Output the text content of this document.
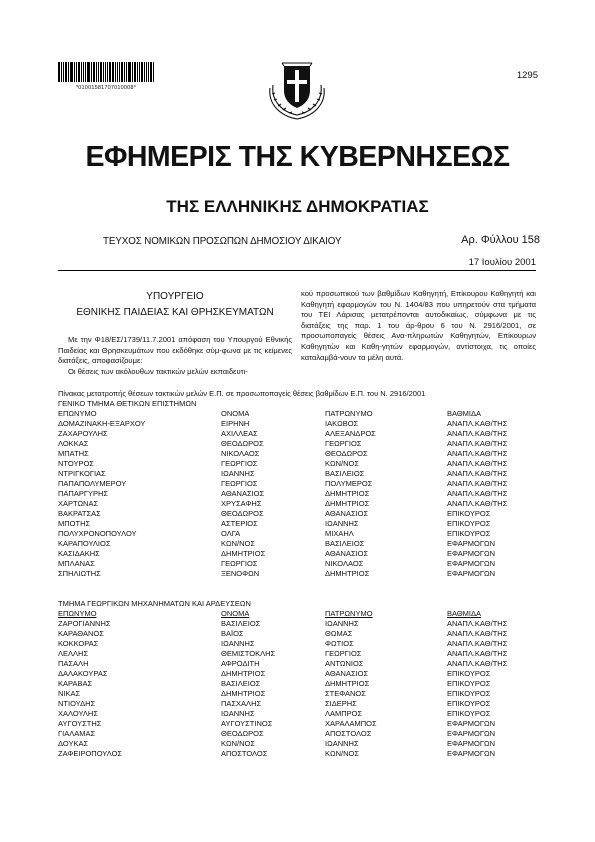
*01001581707010008*
1295
ΕΦΗΜΕΡΙΣ ΤΗΣ ΚΥΒΕΡΝΗΣΕΩΣ
ΤΗΣ ΕΛΛΗΝΙΚΗΣ ΔΗΜΟΚΡΑΤΙΑΣ
ΤΕΥΧΟΣ ΝΟΜΙΚΩΝ ΠΡΟΣΩΠΩΝ ΔΗΜΟΣΙΟΥ ΔΙΚΑΙΟΥ	Αρ. Φύλλου 158
17 Ιουλίου 2001
ΥΠΟΥΡΓΕΙΟ
ΕΘΝΙΚΗΣ ΠΑΙΔΕΙΑΣ ΚΑΙ ΘΡΗΣΚΕΥΜΑΤΩΝ

Με την Φ18/ΕΣ/1739/11.7.2001 απόφαση του Υπουργού Εθνικής Παιδείας και Θρησκευμάτων που εκδόθηκε σύμ-φωνα με τις κείμενες διατάξεις, αποφασίζουμε:

Οι θέσεις των ακόλουθων τακτικών μελών εκπαιδευτι-

κού προσωπικού των βαθμίδων Καθηγητή, Επίκουρου Καθηγητή και Καθηγητή εφαρμογών του Ν. 1404/83 που υπηρετούν στα τμήματα του ΤΕΙ Λάρισας μετατρέπονται αυτοδικαίως, σύμφωνα με τις διατάξεις της παρ. 1 του άρ-θρου 6 του Ν. 2916/2001, σε προσωποπαγείς θέσεις Ανα-πληρωτών Καθηγητών, Επίκουρων Καθηγητών και Καθη-γητών εφαρμογών, αντίστοιχα, τις οποίες καταλαμβά-νουν τα μέλη αυτά.

Πίνακας μετατροπής θέσεων τακτικών μελών Ε.Π. σε προσωποπαγείς θέσεις βαθμίδων Ε.Π. του Ν. 2916/2001
ΓΕΝΙΚΟ ΤΜΗΜΑ ΘΕΤΙΚΩΝ ΕΠΙΣΤΗΜΩΝ
ΕΠΩΝΥΜΟ	ΟΝΟΜΑ	ΠΑΤΡΩΝΥΜΟ	ΒΑΘΜΙΔΑ
ΔΟΜΑΖΙΝΑΚΗ-ΕΞΑΡΧΟΥ	ΕΙΡΗΝΗ	ΙΑΚΩΒΟΣ	ΑΝΑΠΛ.ΚΑΘ/ΤΗΣ
ΖΑΧΑΡΟΥΛΗΣ	ΑΧΙΛΛΕΑΣ	ΑΛΕΞΑΝΔΡΟΣ	ΑΝΑΠΛ.ΚΑΘ/ΤΗΣ
ΛΟΚΚΑΣ	ΘΕΟΔΩΡΟΣ	ΓΕΩΡΓΙΟΣ	ΑΝΑΠΛ.ΚΑΘ/ΤΗΣ
ΜΠΑΤΗΣ	ΝΙΚΟΛΑΟΣ	ΘΕΟΔΩΡΟΣ	ΑΝΑΠΛ.ΚΑΘ/ΤΗΣ
ΝΤΟΥΡΟΣ	ΓΕΩΡΓΙΟΣ	ΚΩΝ/ΝΟΣ	ΑΝΑΠΛ.ΚΑΘ/ΤΗΣ
ΝΤΡΙΓΚΟΓΙΑΣ	ΙΩΑΝΝΗΣ	ΒΑΣΙΛΕΙΟΣ	ΑΝΑΠΛ.ΚΑΘ/ΤΗΣ
ΠΑΠΑΠΟΛΥΜΕΡΟΥ	ΓΕΩΡΓΙΟΣ	ΠΟΛΥΜΕΡΟΣ	ΑΝΑΠΛ.ΚΑΘ/ΤΗΣ
ΠΑΠΑΡΓΥΡΗΣ	ΑΘΑΝΑΣΙΟΣ	ΔΗΜΗΤΡΙΟΣ	ΑΝΑΠΛ.ΚΑΘ/ΤΗΣ
ΧΑΡΤΩΝΑΣ	ΧΡΥΣΑΦΗΣ	ΔΗΜΗΤΡΙΟΣ	ΑΝΑΠΛ.ΚΑΘ/ΤΗΣ
ΒΑΚΡΑΤΣΑΣ	ΘΕΟΔΩΡΟΣ	ΑΘΑΝΑΣΙΟΣ	ΕΠΙΚΟΥΡΟΣ
ΜΠΟΤΗΣ	ΑΣΤΕΡΙΟΣ	ΙΩΑΝΝΗΣ	ΕΠΙΚΟΥΡΟΣ
ΠΟΛΥΧΡΟΝΟΠΟΥΛΟΥ	ΟΛΓΑ	ΜΙΧΑΗΛ	ΕΠΙΚΟΥΡΟΣ
ΚΑΡΑΠΟΥΛΙΟΣ	ΚΩΝ/ΝΟΣ	ΒΑΣΙΛΕΙΟΣ	ΕΦΑΡΜΟΓΩΝ
ΚΑΣΙΔΑΚΗΣ	ΔΗΜΗΤΡΙΟΣ	ΑΘΑΝΑΣΙΟΣ	ΕΦΑΡΜΟΓΩΝ
ΜΠΛΑΝΑΣ	ΓΕΩΡΓΙΟΣ	ΝΙΚΟΛΑΟΣ	ΕΦΑΡΜΟΓΩΝ
ΣΠΗΛΙΩΤΗΣ	ΞΕΝΟΦΩΝ	ΔΗΜΗΤΡΙΟΣ	ΕΦΑΡΜΟΓΩΝ
ΤΜΗΜΑ ΓΕΩΡΓΙΚΩΝ ΜΗΧΑΝΗΜΑΤΩΝ ΚΑΙ ΑΡΔΕΥΣΕΩΝ
ΕΠΩΝΥΜΟ	ΟΝΟΜΑ	ΠΑΤΡΩΝΥΜΟ	ΒΑΘΜΙΔΑ
ΖΑΡΟΓΙΑΝΝΗΣ	ΒΑΣΙΛΕΙΟΣ	ΙΩΑΝΝΗΣ	ΑΝΑΠΛ.ΚΑΘ/ΤΗΣ
ΚΑΡΑΘΑΝΟΣ	ΒΑΪΟΣ	ΘΩΜΑΣ	ΑΝΑΠΛ.ΚΑΘ/ΤΗΣ
ΚΟΚΚΟΡΑΣ	ΙΩΑΝΝΗΣ	ΦΩΤΙΟΣ	ΑΝΑΠΛ.ΚΑΘ/ΤΗΣ
ΛΕΛΛΗΣ	ΘΕΜΙΣΤΟΚΛΗΣ	ΓΕΩΡΓΙΟΣ	ΑΝΑΠΛ.ΚΑΘ/ΤΗΣ
ΠΑΣΑΛΗ	ΑΦΡΟΔΙΤΗ	ΑΝΤΩΝΙΟΣ	ΑΝΑΠΛ.ΚΑΘ/ΤΗΣ
ΔΑΛΑΚΟΥΡΑΣ	ΔΗΜΗΤΡΙΟΣ	ΑΘΑΝΑΣΙΟΣ	ΕΠΙΚΟΥΡΟΣ
ΚΑΡΑΒΑΣ	ΒΑΣΙΛΕΙΟΣ	ΔΗΜΗΤΡΙΟΣ	ΕΠΙΚΟΥΡΟΣ
ΝΙΚΑΣ	ΔΗΜΗΤΡΙΟΣ	ΣΤΕΦΑΝΟΣ	ΕΠΙΚΟΥΡΟΣ
ΝΤΙΟΥΔΗΣ	ΠΑΣΧΑΛΗΣ	ΣΙΔΕΡΗΣ	ΕΠΙΚΟΥΡΟΣ
ΧΑΛΟΥΛΗΣ	ΙΩΑΝΝΗΣ	ΛΑΜΠΡΟΣ	ΕΠΙΚΟΥΡΟΣ
ΑΥΓΟΥΣΤΗΣ	ΑΥΓΟΥΣΤΙΝΟΣ	ΧΑΡΑΛΑΜΠΟΣ	ΕΦΑΡΜΟΓΩΝ
ΓΙΑΛΑΜΑΣ	ΘΕΟΔΩΡΟΣ	ΑΠΟΣΤΟΛΟΣ	ΕΦΑΡΜΟΓΩΝ
ΔΟΥΚΑΣ	ΚΩΝ/ΝΟΣ	ΙΩΑΝΝΗΣ	ΕΦΑΡΜΟΓΩΝ
ΖΑΦΕΙΡΟΠΟΥΛΟΣ	ΑΠΟΣΤΟΛΟΣ	ΚΩΝ/ΝΟΣ	ΕΦΑΡΜΟΓΩΝ
